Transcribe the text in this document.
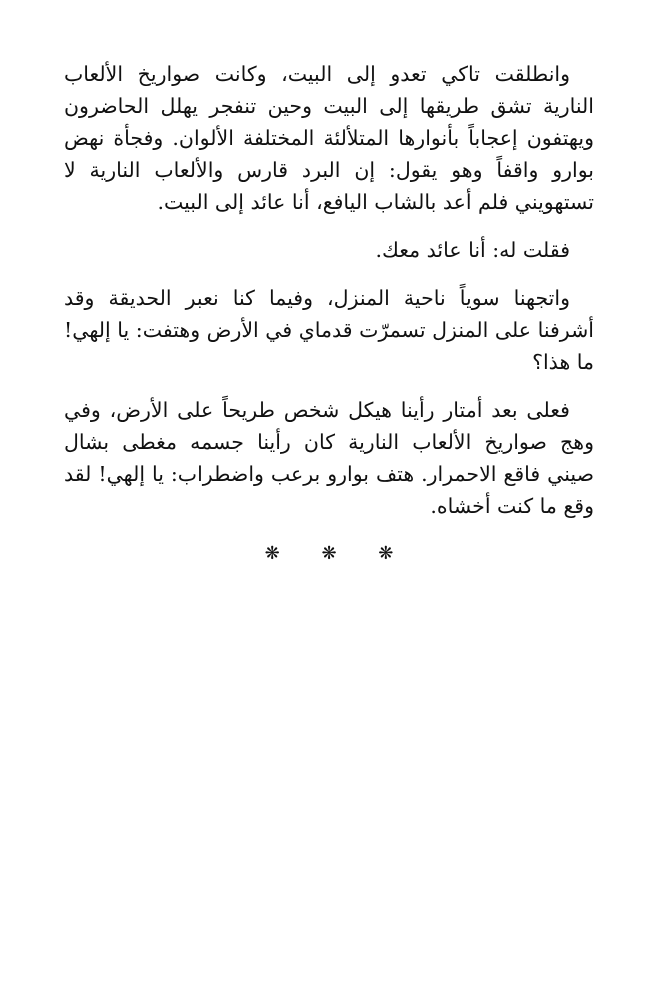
وانطلقت تاكي تعدو إلى البيت، وكانت صواريخ الألعاب النارية تشق طريقها إلى البيت وحين تنفجر يهلل الحاضرون ويهتفون إعجاباً بأنوارها المتلألئة المختلفة الألوان. وفجأة نهض بوارو واقفاً وهو يقول: إن البرد قارس والألعاب النارية لا تستهويني فلم أعد بالشاب اليافع، أنا عائد إلى البيت.

فقلت له: أنا عائد معك.

واتجهنا سوياً ناحية المنزل، وفيما كنا نعبر الحديقة وقد أشرفنا على المنزل تسمرّت قدماي في الأرض وهتفت: يا إلهي! ما هذا؟

فعلى بعد أمتار رأينا هيكل شخص طريحاً على الأرض، وفي وهج صواريخ الألعاب النارية كان رأينا جسمه مغطى بشال صيني فاقع الاحمرار. هتف بوارو برعب واضطراب: يا إلهي! لقد وقع ما كنت أخشاه.

❋ ❋ ❋
